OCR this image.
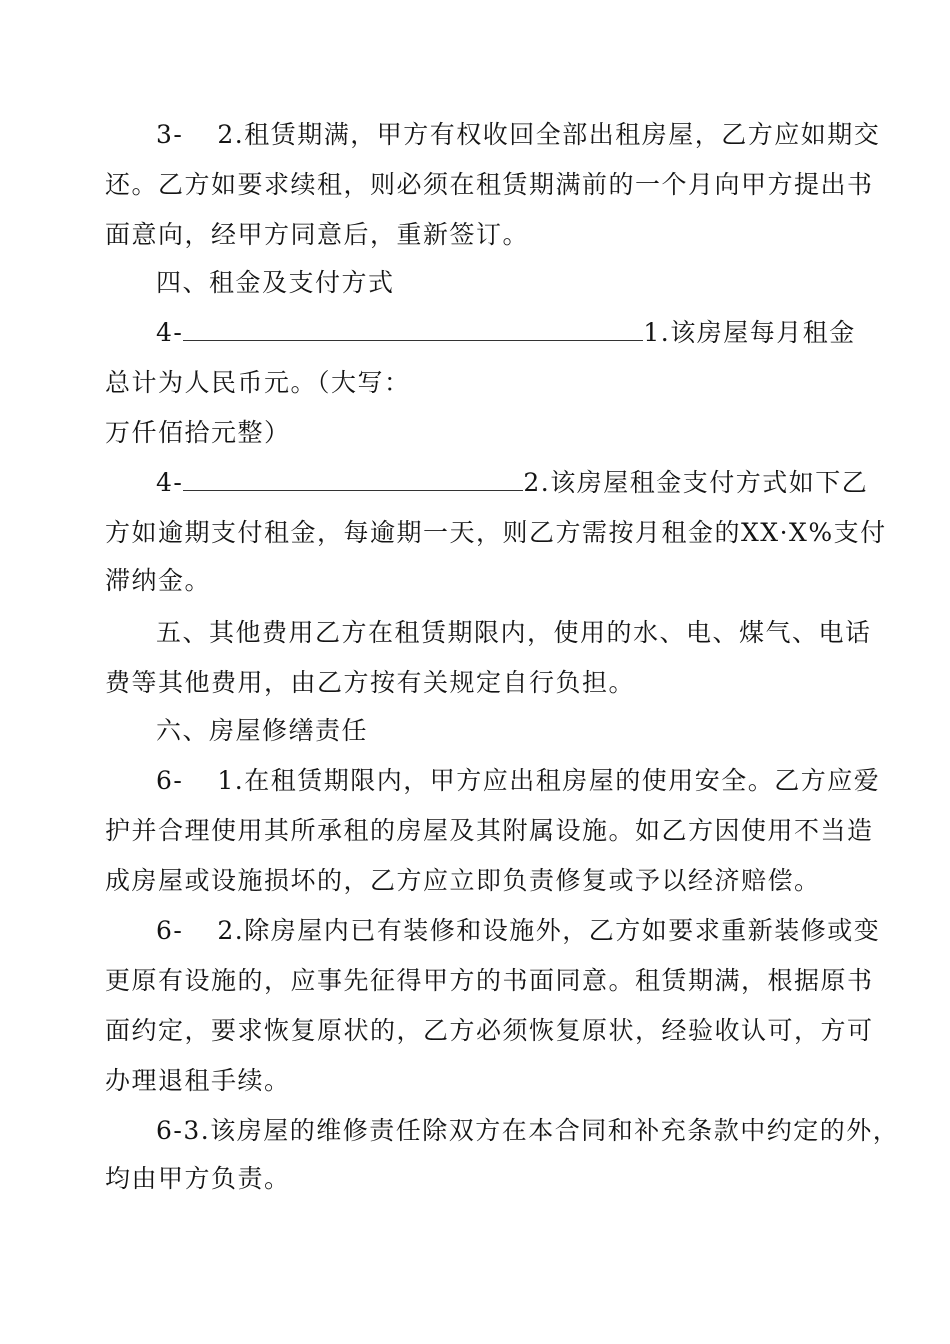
3- 2.租赁期满，甲方有权收回全部出租房屋，乙方应如期交
还。乙方如要求续租，则必须在租赁期满前的一个月向甲方提出书
面意向，经甲方同意后，重新签订。
四、租金及支付方式
4-	1.该房屋每月租金
总计为人民币元。（大写：
万仟佰拾元整）
4-	2.该房屋租金支付方式如下乙
方如逾期支付租金，每逾期一天，则乙方需按月租金的XX·X%支付
滞纳金。
五、其他费用乙方在租赁期限内，使用的水、电、煤气、电话
费等其他费用，由乙方按有关规定自行负担。
六、房屋修缮责任
6- 1.在租赁期限内，甲方应出租房屋的使用安全。乙方应爱
护并合理使用其所承租的房屋及其附属设施。如乙方因使用不当造
成房屋或设施损坏的，乙方应立即负责修复或予以经济赔偿。
6- 2.除房屋内已有装修和设施外，乙方如要求重新装修或变
更原有设施的，应事先征得甲方的书面同意。租赁期满，根据原书
面约定，要求恢复原状的，乙方必须恢复原状，经验收认可，方可
办理退租手续。
6-3.该房屋的维修责任除双方在本合同和补充条款中约定的外，
均由甲方负责。
